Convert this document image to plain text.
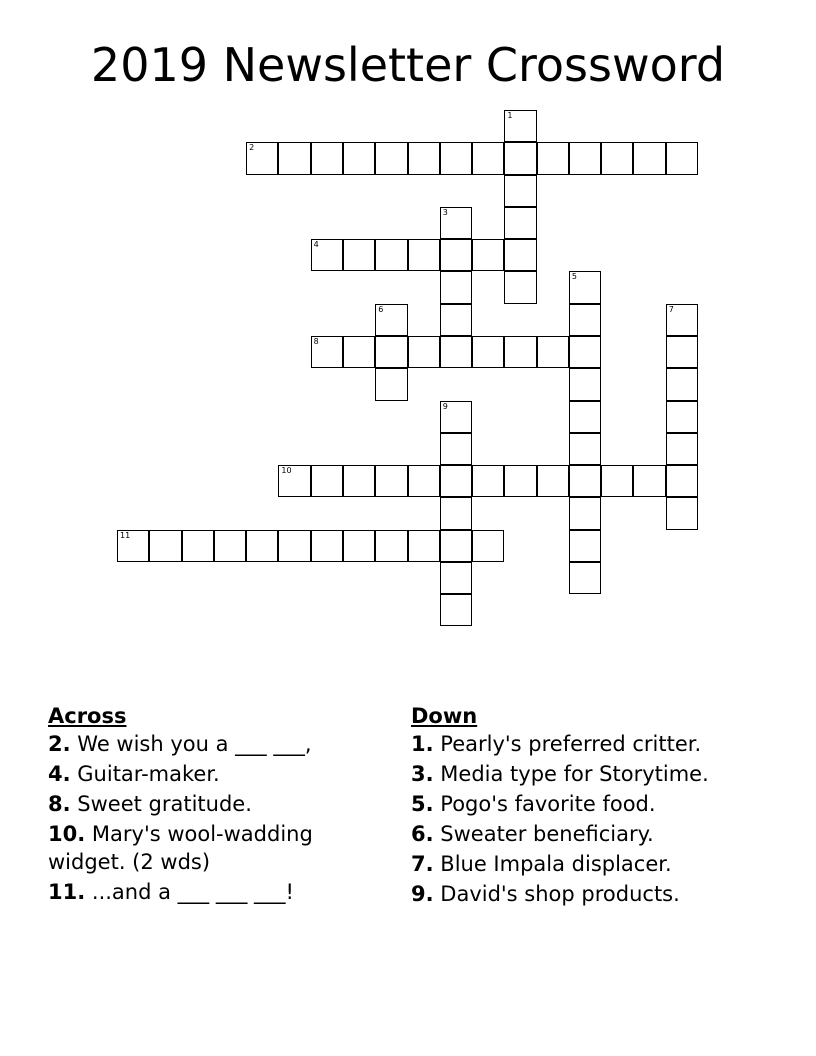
2019 Newsletter Crossword
1
2
3
4
5
6	7
8
9
10
11
Across
2. We wish you a ___ ___,
4. Guitar-maker.
8. Sweet gratitude.
10. Mary's wool-wadding widget. (2 wds)
11. ...and a ___ ___ ___!
Down
1. Pearly's preferred critter.
3. Media type for Storytime.
5. Pogo's favorite food.
6. Sweater beneficiary.
7. Blue Impala displacer.
9. David's shop products.
